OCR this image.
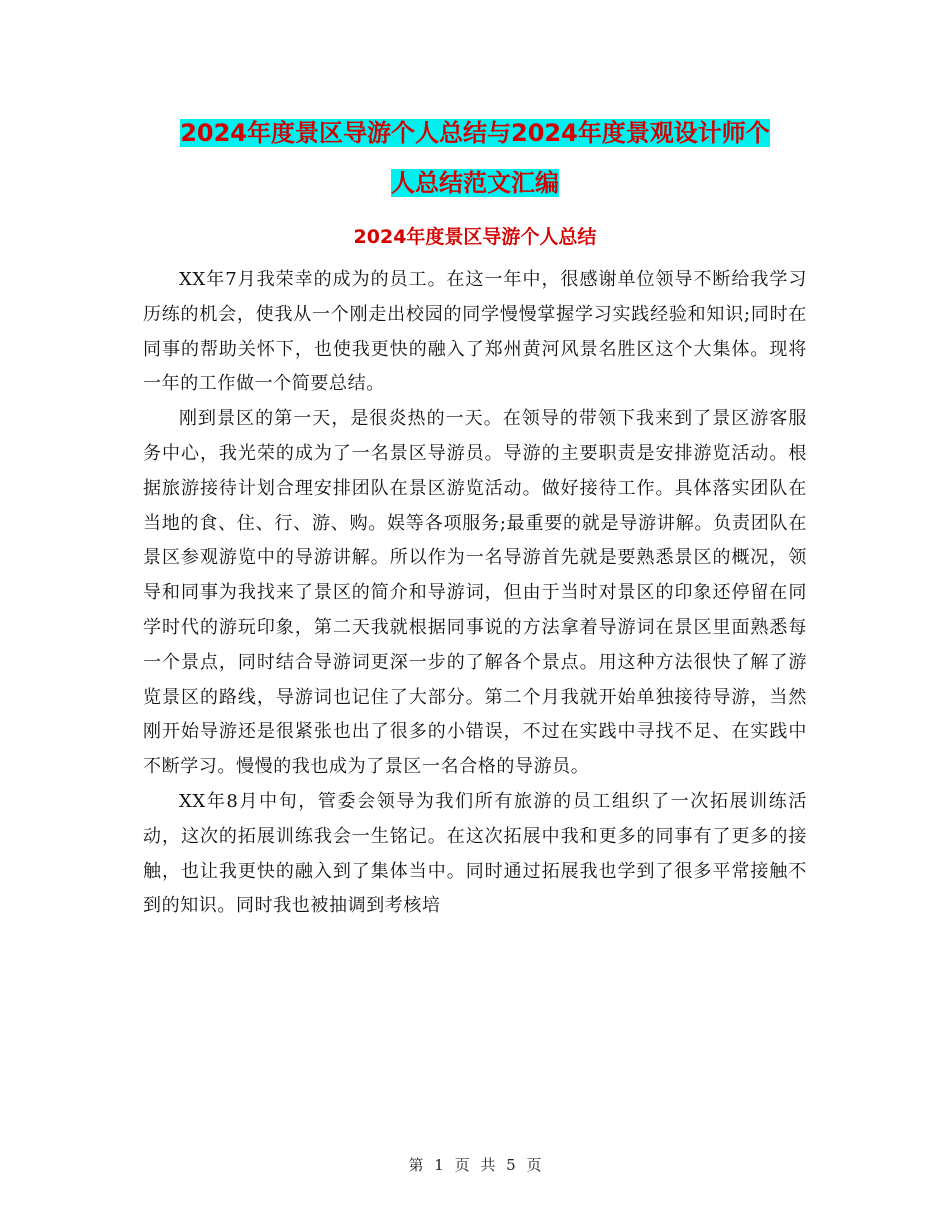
2024年度景区导游个人总结与2024年度景观设计师个
人总结范文汇编
2024年度景区导游个人总结

XX年7月我荣幸的成为的员工。在这一年中，很感谢单位领导不断给我学习历练的机会，使我从一个刚走出校园的同学慢慢掌握学习实践经验和知识;同时在同事的帮助关怀下，也使我更快的融入了郑州黄河风景名胜区这个大集体。现将一年的工作做一个简要总结。

刚到景区的第一天，是很炎热的一天。在领导的带领下我来到了景区游客服务中心，我光荣的成为了一名景区导游员。导游的主要职责是安排游览活动。根据旅游接待计划合理安排团队在景区游览活动。做好接待工作。具体落实团队在当地的食、住、行、游、购。娱等各项服务;最重要的就是导游讲解。负责团队在景区参观游览中的导游讲解。所以作为一名导游首先就是要熟悉景区的概况，领导和同事为我找来了景区的简介和导游词，但由于当时对景区的印象还停留在同学时代的游玩印象，第二天我就根据同事说的方法拿着导游词在景区里面熟悉每一个景点，同时结合导游词更深一步的了解各个景点。用这种方法很快了解了游览景区的路线，导游词也记住了大部分。第二个月我就开始单独接待导游，当然刚开始导游还是很紧张也出了很多的小错误，不过在实践中寻找不足、在实践中不断学习。慢慢的我也成为了景区一名合格的导游员。

XX年8月中旬，管委会领导为我们所有旅游的员工组织了一次拓展训练活动，这次的拓展训练我会一生铭记。在这次拓展中我和更多的同事有了更多的接触，也让我更快的融入到了集体当中。同时通过拓展我也学到了很多平常接触不到的知识。同时我也被抽调到考核培

第 1 页 共 5 页
